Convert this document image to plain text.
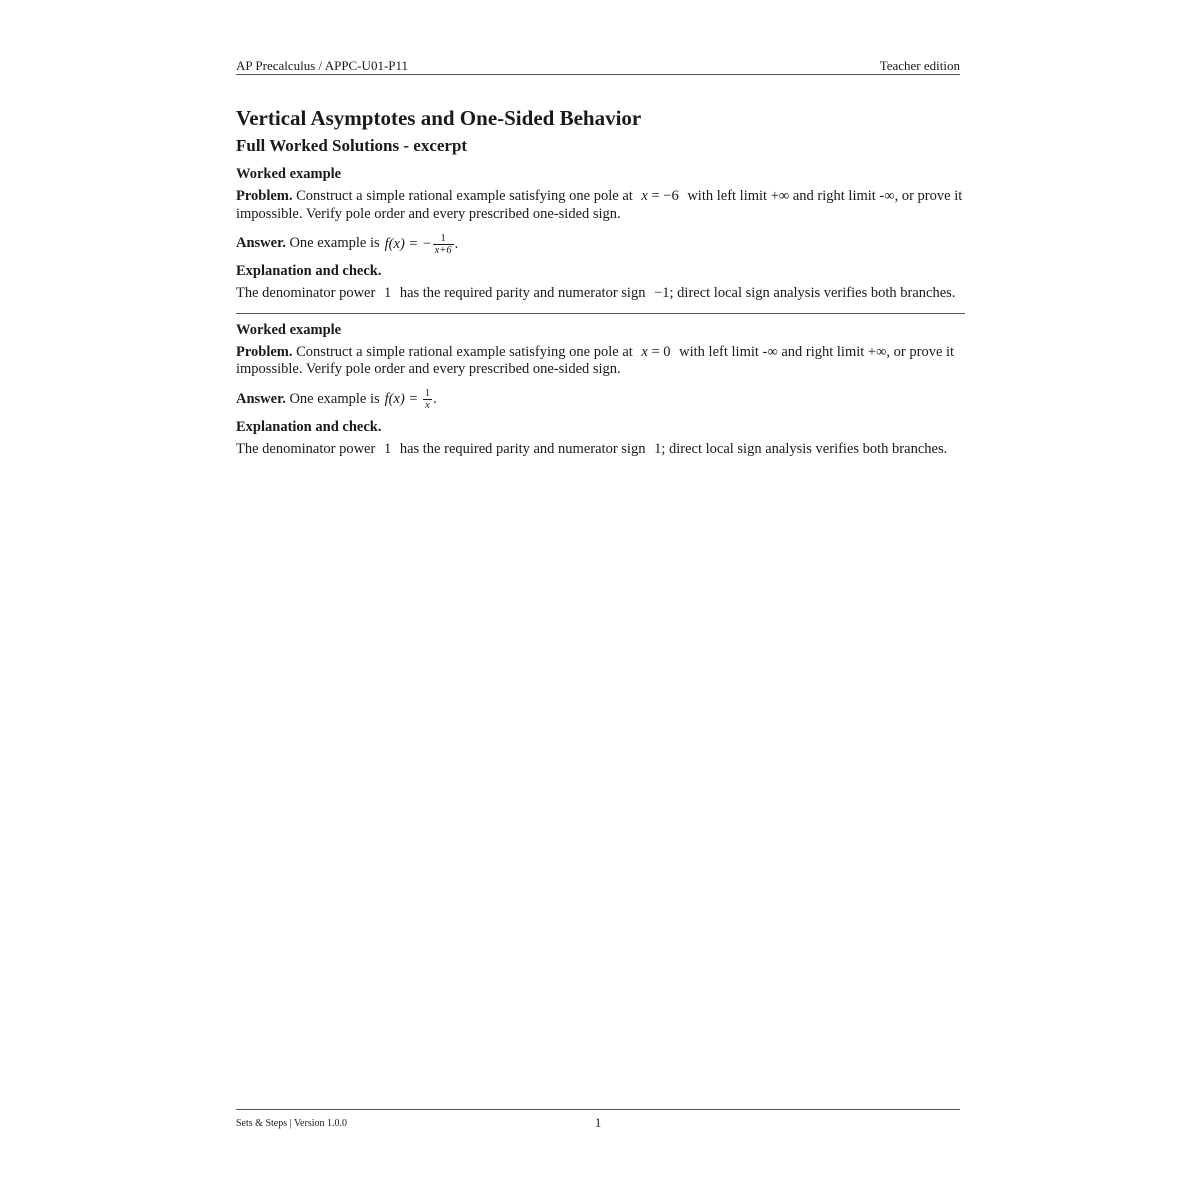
AP Precalculus / APPC-U01-P11	Teacher edition
Vertical Asymptotes and One-Sided Behavior
Full Worked Solutions - excerpt

Worked example

Problem. Construct a simple rational example satisfying one pole at x = −6 with left limit +∞ and right limit -∞, or prove it impossible. Verify pole order and every prescribed one-sided sign.

Answer.
One example is f(x) = − $\frac{1}{x+6}$ .

Explanation and check.

The denominator power 1 has the required parity and numerator sign −1; direct local sign analysis verifies both branches.

Worked example

Problem. Construct a simple rational example satisfying one pole at x = 0 with left limit -∞ and right limit +∞, or prove it impossible. Verify pole order and every prescribed one-sided sign.

Answer.
One example is $f(x) = \frac{1}{x}$ .

Explanation and check.

The denominator power 1 has the required parity and numerator sign 1; direct local sign analysis verifies both branches.

Sets & Steps | Version 1.0.0	1
